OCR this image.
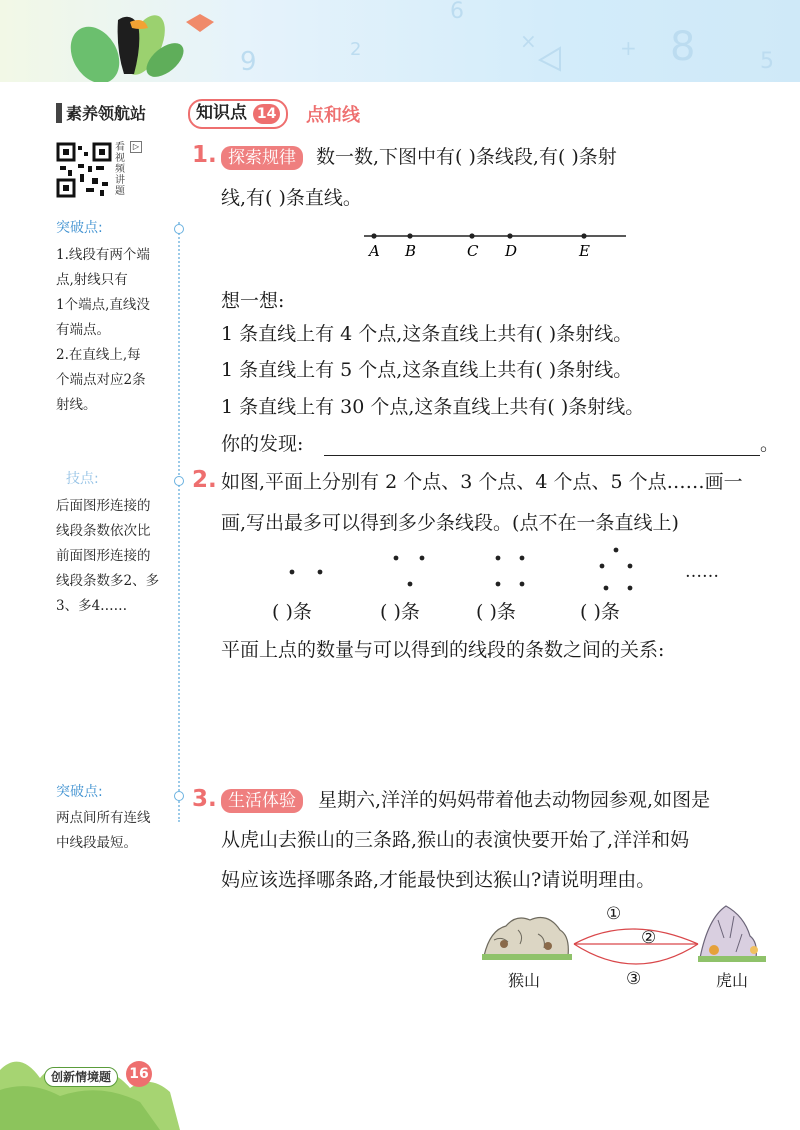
9	2
6
×	+ 8	5
素养领航站	知识点 14	点和线
看视频讲题
▷
突破点:
1.线段有两个端
点,射线只有
1个端点,直线没
有端点。
2.在直线上,每
个端点对应2条
射线。
技点:
后面图形连接的
线段条数依次比
前面图形连接的
线段条数多2、多
3、多4……
突破点:
两点间所有连线
中线段最短。
1. 探索规律	数一数,下图中有( )条线段,有( )条射
线,有( )条直线。
A B	C D	E
想一想:
1 条直线上有 4 个点,这条直线上共有( )条射线。
1 条直线上有 5 个点,这条直线上共有( )条射线。
1 条直线上有 30 个点,这条直线上共有( )条射线。
你的发现:	。
2. 如图,平面上分别有 2 个点、3 个点、4 个点、5 个点……画一
画,写出最多可以得到多少条线段。(点不在一条直线上)
……
( )条	( )条	( )条	( )条
平面上点的数量与可以得到的线段的条数之间的关系:
3. 生活体验	星期六,洋洋的妈妈带着他去动物园参观,如图是
从虎山去猴山的三条路,猴山的表演快要开始了,洋洋和妈
妈应该选择哪条路,才能最快到达猴山?请说明理由。
①
②
③
猴山	虎山
创新情境题	16
